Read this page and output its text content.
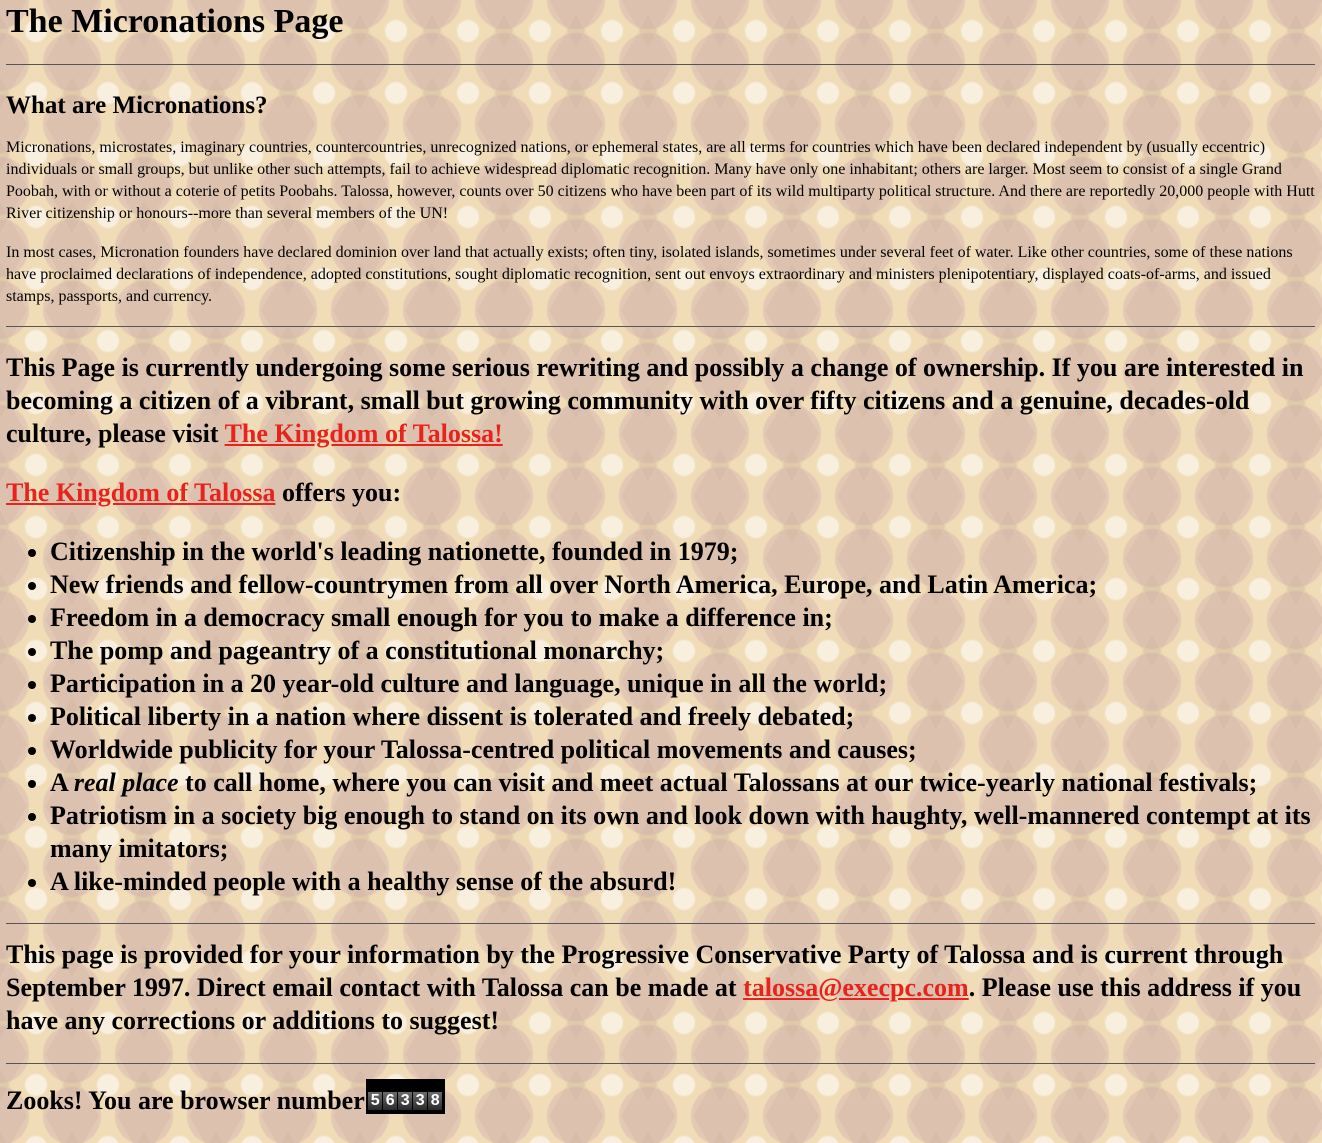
The Micronations Page
What are Micronations?

Micronations, microstates, imaginary countries, countercountries, unrecognized nations, or ephemeral states, are all terms for countries which have been declared independent by (usually eccentric) individuals or small groups, but unlike other such attempts, fail to achieve widespread diplomatic recognition. Many have only one inhabitant; others are larger. Most seem to consist of a single Grand Poobah, with or without a coterie of petits Poobahs. Talossa, however, counts over 50 citizens who have been part of its wild multiparty political structure. And there are reportedly 20,000 people with Hutt River citizenship or honours--more than several members of the UN!

In most cases, Micronation founders have declared dominion over land that actually exists; often tiny, isolated islands, sometimes under several feet of water. Like other countries, some of these nations have proclaimed declarations of independence, adopted constitutions, sought diplomatic recognition, sent out envoys extraordinary and ministers plenipotentiary, displayed coats-of-arms, and issued stamps, passports, and currency.

This Page is currently undergoing some serious rewriting and possibly a change of ownership. If you are interested in becoming a citizen of a vibrant, small but growing community with over fifty citizens and a genuine, decades-old culture, please visit The Kingdom of Talossa!

The Kingdom of Talossa offers you:

• Citizenship in the world's leading nationette, founded in 1979;
• New friends and fellow-countrymen from all over North America, Europe, and Latin America;
• Freedom in a democracy small enough for you to make a difference in;
• The pomp and pageantry of a constitutional monarchy;
• Participation in a 20 year-old culture and language, unique in all the world;
• Political liberty in a nation where dissent is tolerated and freely debated;
• Worldwide publicity for your Talossa-centred political movements and causes;
• A real place to call home, where you can visit and meet actual Talossans at our twice-yearly national festivals;
• Patriotism in a society big enough to stand on its own and look down with haughty, well-mannered contempt at its many imitators;
• A like-minded people with a healthy sense of the absurd!

This page is provided for your information by the Progressive Conservative Party of Talossa and is current through September 1997. Direct email contact with Talossa can be made at talossa@execpc.com. Please use this address if you have any corrections or additions to suggest!

Zooks! You are browser number 5 6 3 3 8
